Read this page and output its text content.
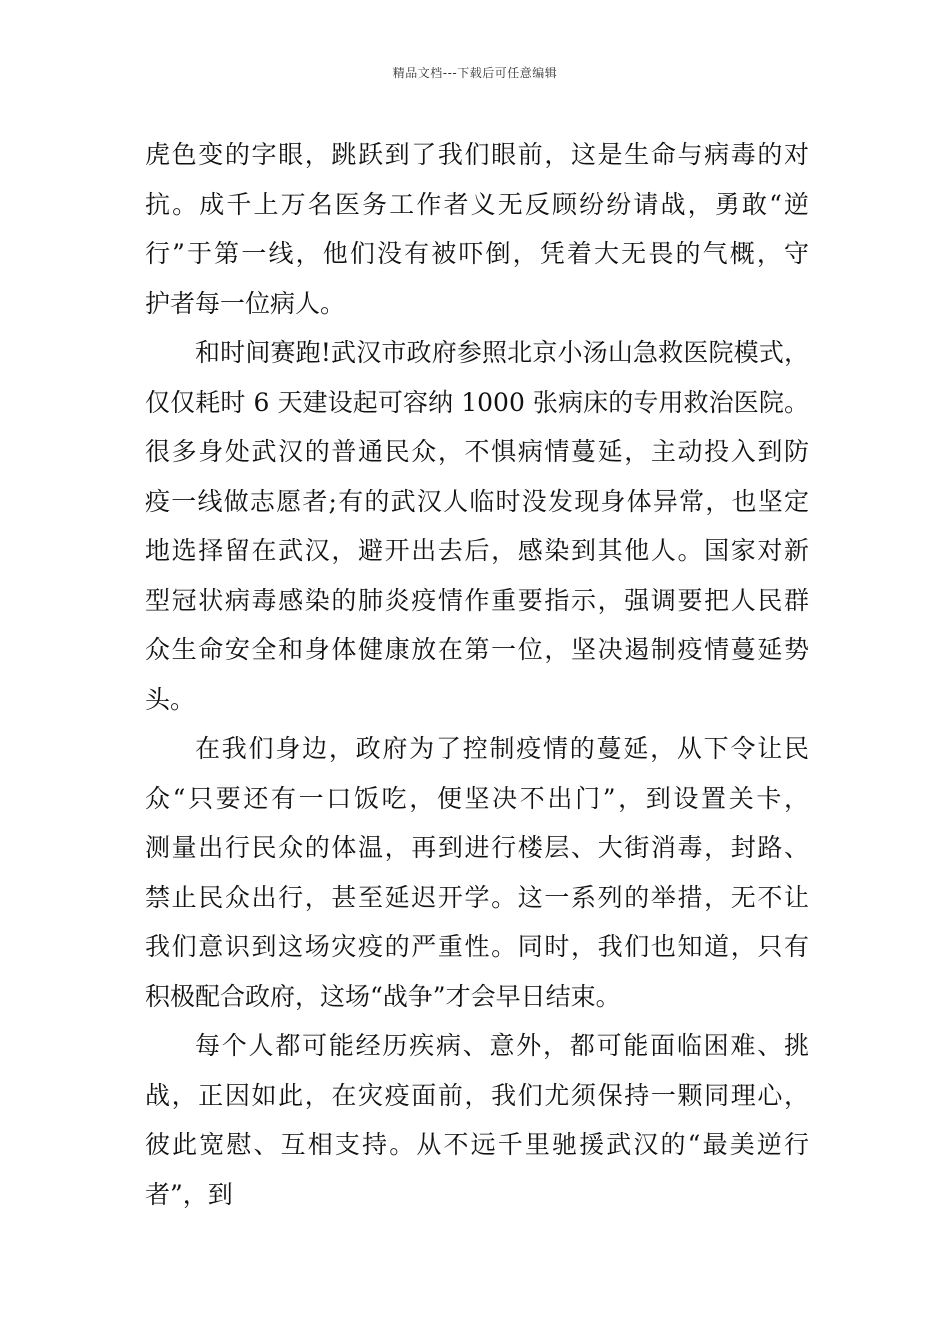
精品文档---下载后可任意编辑
虎色变的字眼，跳跃到了我们眼前，这是生命与病毒的对
抗。成千上万名医务工作者义无反顾纷纷请战，勇敢“逆
行”于第一线，他们没有被吓倒，凭着大无畏的气概，守
护者每一位病人。
和时间赛跑!武汉市政府参照北京小汤山急救医院模式，
仅仅耗时 6 天建设起可容纳 1000 张病床的专用救治医院。
很多身处武汉的普通民众，不惧病情蔓延，主动投入到防
疫一线做志愿者;有的武汉人临时没发现身体异常，也坚定
地选择留在武汉，避开出去后，感染到其他人。国家对新
型冠状病毒感染的肺炎疫情作重要指示，强调要把人民群
众生命安全和身体健康放在第一位，坚决遏制疫情蔓延势
头。
在我们身边，政府为了控制疫情的蔓延，从下令让民
众“只要还有一口饭吃，便坚决不出门”，到设置关卡，
测量出行民众的体温，再到进行楼层、大街消毒，封路、
禁止民众出行，甚至延迟开学。这一系列的举措，无不让
我们意识到这场灾疫的严重性。同时，我们也知道，只有
积极配合政府，这场“战争”才会早日结束。
每个人都可能经历疾病、意外，都可能面临困难、挑
战，正因如此，在灾疫面前，我们尤须保持一颗同理心，
彼此宽慰、互相支持。从不远千里驰援武汉的“最美逆行
者”，到
